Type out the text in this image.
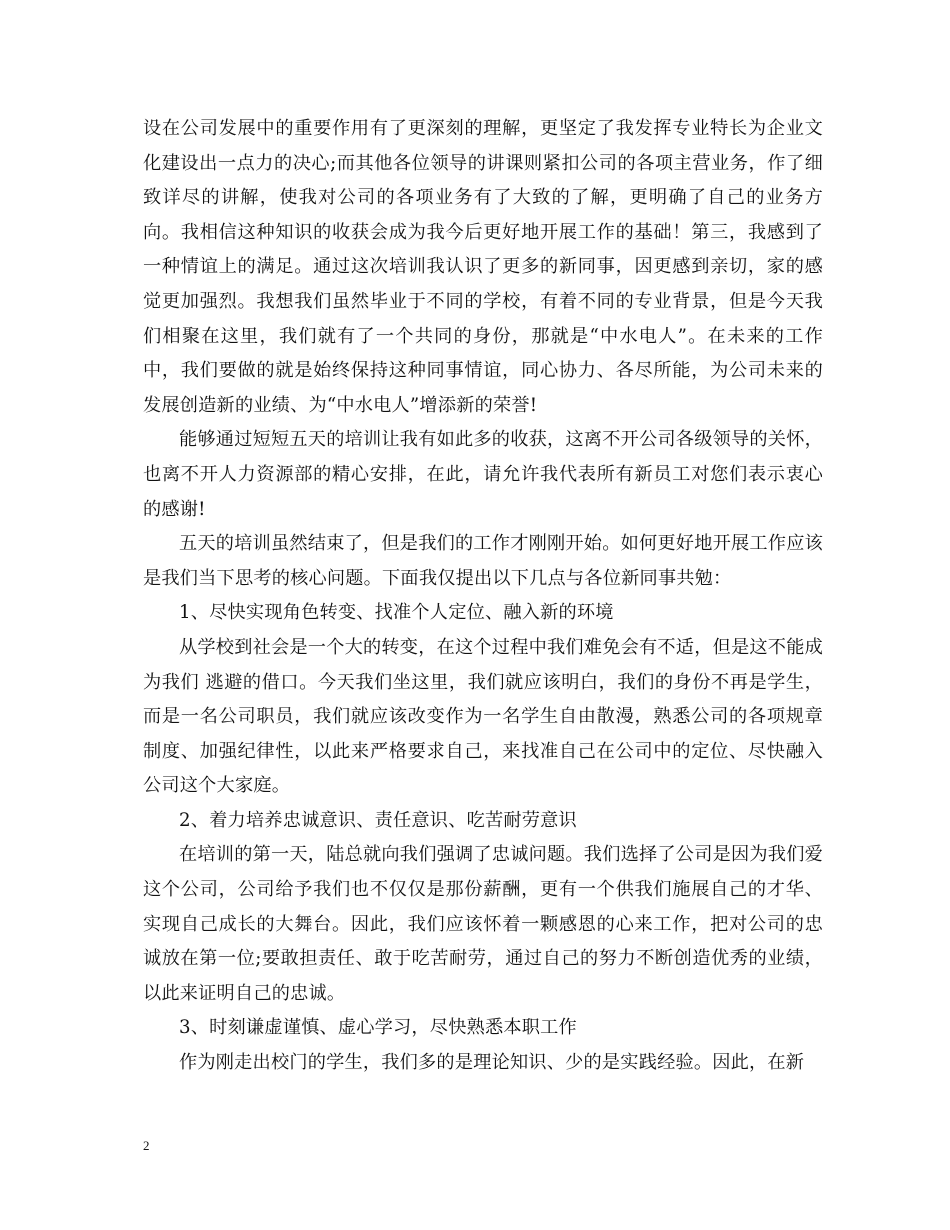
设在公司发展中的重要作用有了更深刻的理解，更坚定了我发挥专业特长为企业文化建设出一点力的决心;而其他各位领导的讲课则紧扣公司的各项主营业务，作了细致详尽的讲解，使我对公司的各项业务有了大致的了解，更明确了自己的业务方向。我相信这种知识的收获会成为我今后更好地开展工作的基础！第三，我感到了一种情谊上的满足。通过这次培训我认识了更多的新同事，因更感到亲切，家的感觉更加强烈。我想我们虽然毕业于不同的学校，有着不同的专业背景，但是今天我们相聚在这里，我们就有了一个共同的身份，那就是“中水电人”。在未来的工作中，我们要做的就是始终保持这种同事情谊，同心协力、各尽所能，为公司未来的发展创造新的业绩、为“中水电人”增添新的荣誉!

能够通过短短五天的培训让我有如此多的收获，这离不开公司各级领导的关怀，也离不开人力资源部的精心安排，在此，请允许我代表所有新员工对您们表示衷心的感谢!

五天的培训虽然结束了，但是我们的工作才刚刚开始。如何更好地开展工作应该是我们当下思考的核心问题。下面我仅提出以下几点与各位新同事共勉：

1、尽快实现角色转变、找准个人定位、融入新的环境

从学校到社会是一个大的转变，在这个过程中我们难免会有不适，但是这不能成为我们 逃避的借口。今天我们坐这里，我们就应该明白，我们的身份不再是学生，而是一名公司职员，我们就应该改变作为一名学生自由散漫，熟悉公司的各项规章制度、加强纪律性，以此来严格要求自己，来找准自己在公司中的定位、尽快融入公司这个大家庭。

2、着力培养忠诚意识、责任意识、吃苦耐劳意识

在培训的第一天，陆总就向我们强调了忠诚问题。我们选择了公司是因为我们爱这个公司，公司给予我们也不仅仅是那份薪酬，更有一个供我们施展自己的才华、实现自己成长的大舞台。因此，我们应该怀着一颗感恩的心来工作，把对公司的忠诚放在第一位;要敢担责任、敢于吃苦耐劳，通过自己的努力不断创造优秀的业绩，以此来证明自己的忠诚。

3、时刻谦虚谨慎、虚心学习，尽快熟悉本职工作

作为刚走出校门的学生，我们多的是理论知识、少的是实践经验。因此，在新

2
